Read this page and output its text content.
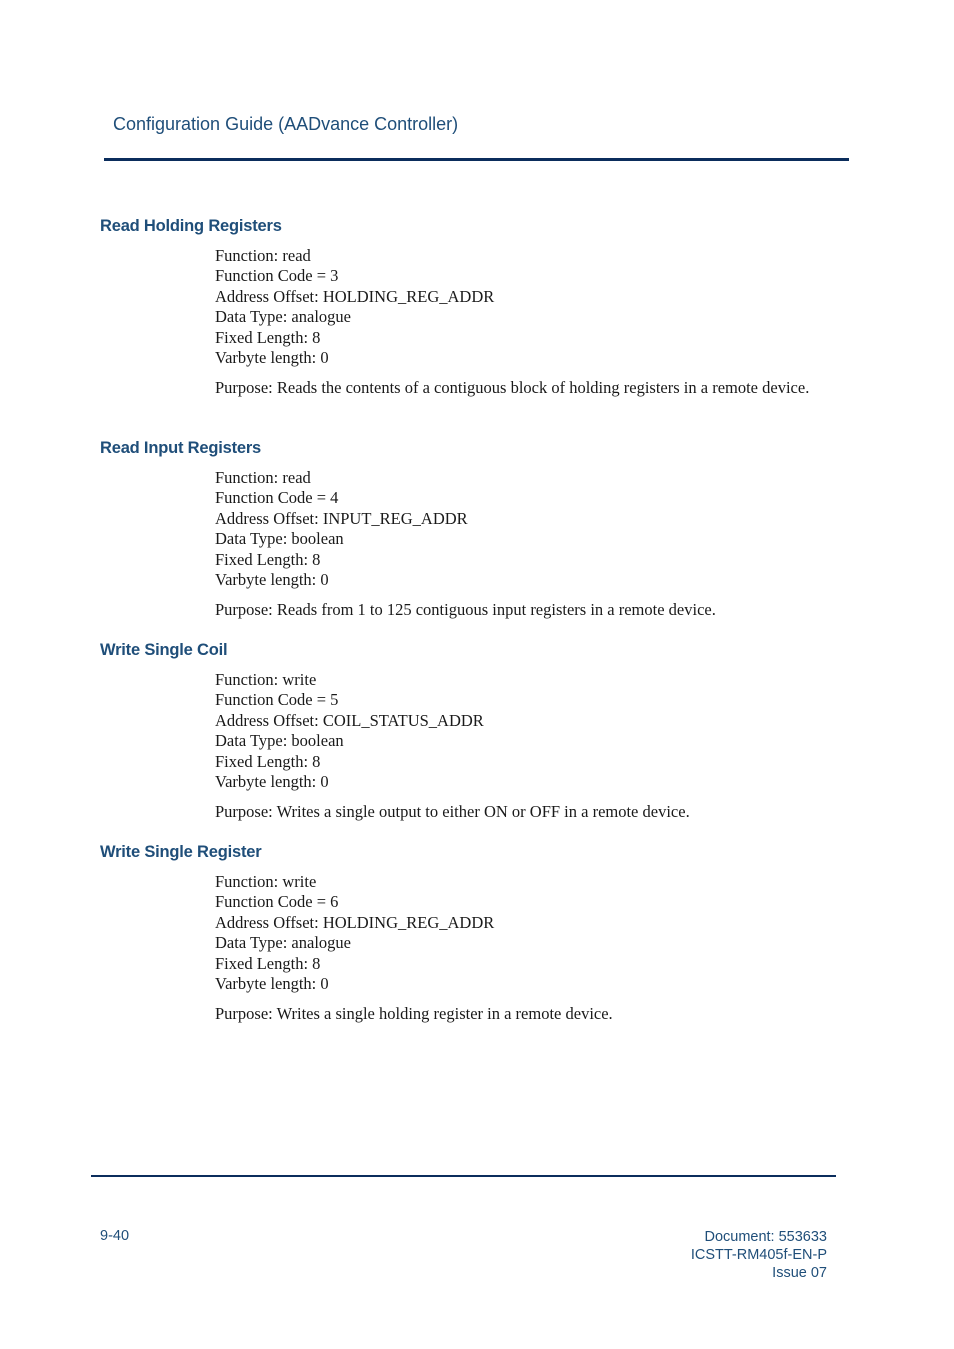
Configuration Guide (AADvance Controller)
Read Holding Registers
Function: read
Function Code = 3
Address Offset: HOLDING_REG_ADDR
Data Type: analogue
Fixed Length: 8
Varbyte length: 0
Purpose: Reads the contents of a contiguous block of holding registers in a remote device.
Read Input Registers
Function: read
Function Code = 4
Address Offset: INPUT_REG_ADDR
Data Type: boolean
Fixed Length: 8
Varbyte length: 0
Purpose: Reads from 1 to 125 contiguous input registers in a remote device.
Write Single Coil
Function: write
Function Code = 5
Address Offset: COIL_STATUS_ADDR
Data Type: boolean
Fixed Length: 8
Varbyte length: 0
Purpose: Writes a single output to either ON or OFF in a remote device.
Write Single Register
Function: write
Function Code = 6
Address Offset: HOLDING_REG_ADDR
Data Type: analogue
Fixed Length: 8
Varbyte length: 0
Purpose: Writes a single holding register in a remote device.
9-40	Document: 553633
ICSTT-RM405f-EN-P
Issue 07
